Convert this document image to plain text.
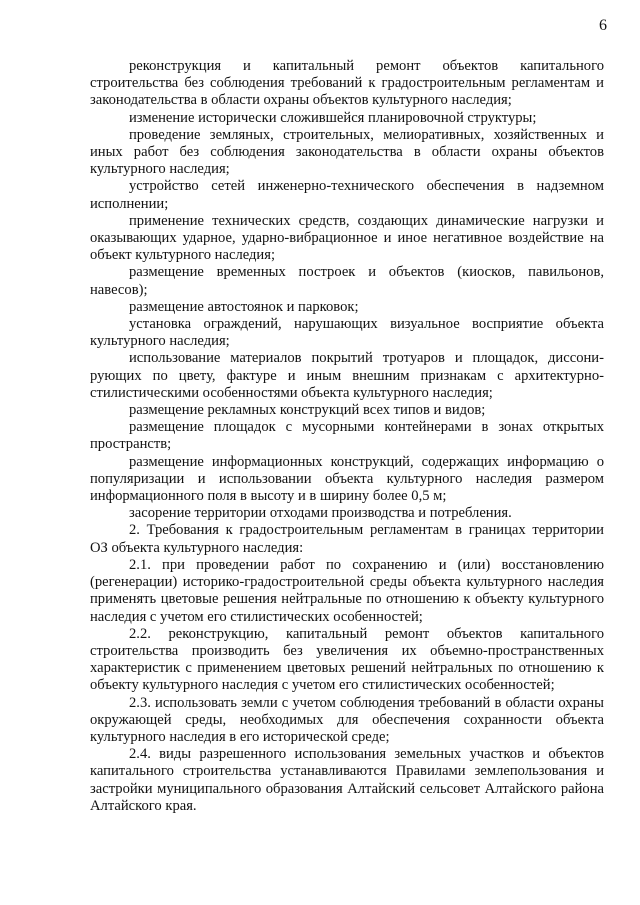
6

реконструкция и капитальный ремонт объектов капитального строительства без соблюдения требований к градостроительным регламентам и законодательства в области охраны объектов культурного наследия;

изменение исторически сложившейся планировочной структуры;

проведение земляных, строительных, мелиоративных, хозяйственных и иных работ без соблюдения законодательства в области охраны объектов культурного наследия;

устройство сетей инженерно-технического обеспечения в надземном исполнении;

применение технических средств, создающих динамические нагрузки и оказывающих ударное, ударно-вибрационное и иное негативное воздействие на объект культурного наследия;

размещение временных построек и объектов (киосков, павильонов, навесов);

размещение автостоянок и парковок;

установка ограждений, нарушающих визуальное восприятие объекта культурного наследия;

использование материалов покрытий тротуаров и площадок, диссонирующих по цвету, фактуре и иным внешним признакам с архитектурно-стилистическими особенностями объекта культурного наследия;

размещение рекламных конструкций всех типов и видов;

размещение площадок с мусорными контейнерами в зонах открытых пространств;

размещение информационных конструкций, содержащих информацию о популяризации и использовании объекта культурного наследия размером информационного поля в высоту и в ширину более 0,5 м;

засорение территории отходами производства и потребления.

2. Требования к градостроительным регламентам в границах территории ОЗ объекта культурного наследия:

2.1. при проведении работ по сохранению и (или) восстановлению (регенерации) историко-градостроительной среды объекта культурного наследия применять цветовые решения нейтральные по отношению к объекту культурного наследия с учетом его стилистических особенностей;

2.2. реконструкцию, капитальный ремонт объектов капитального строительства производить без увеличения их объемно-пространственных характеристик с применением цветовых решений нейтральных по отношению к объекту культурного наследия с учетом его стилистических особенностей;

2.3. использовать земли с учетом соблюдения требований в области охраны окружающей среды, необходимых для обеспечения сохранности объекта культурного наследия в его исторической среде;

2.4. виды разрешенного использования земельных участков и объектов капитального строительства устанавливаются Правилами землепользования и застройки муниципального образования Алтайский сельсовет Алтайского района Алтайского края.
